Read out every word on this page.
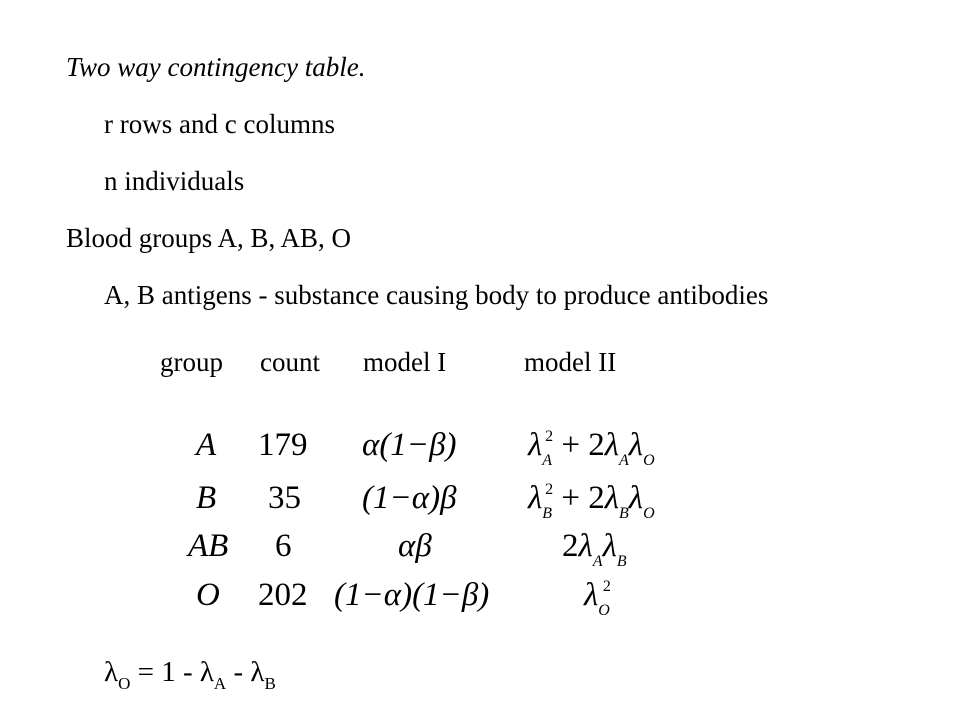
Two way contingency table.
r rows and c columns
n individuals
Blood groups A, B, AB, O
A, B antigens - substance causing body to produce antibodies
group count model I	model II
A 179 α(1−β) $\lambda_A^2 + 2\lambda_A\lambda_O$
B 35 (1−α)β $\lambda_B^2 + 2\lambda_B\lambda_O$
AB 6	αβ	$2\lambda_A\lambda_B$
O 202 (1−α)(1−β)	$\lambda_O^2$
$\lambda_O = 1 - \lambda_A - \lambda_B$
